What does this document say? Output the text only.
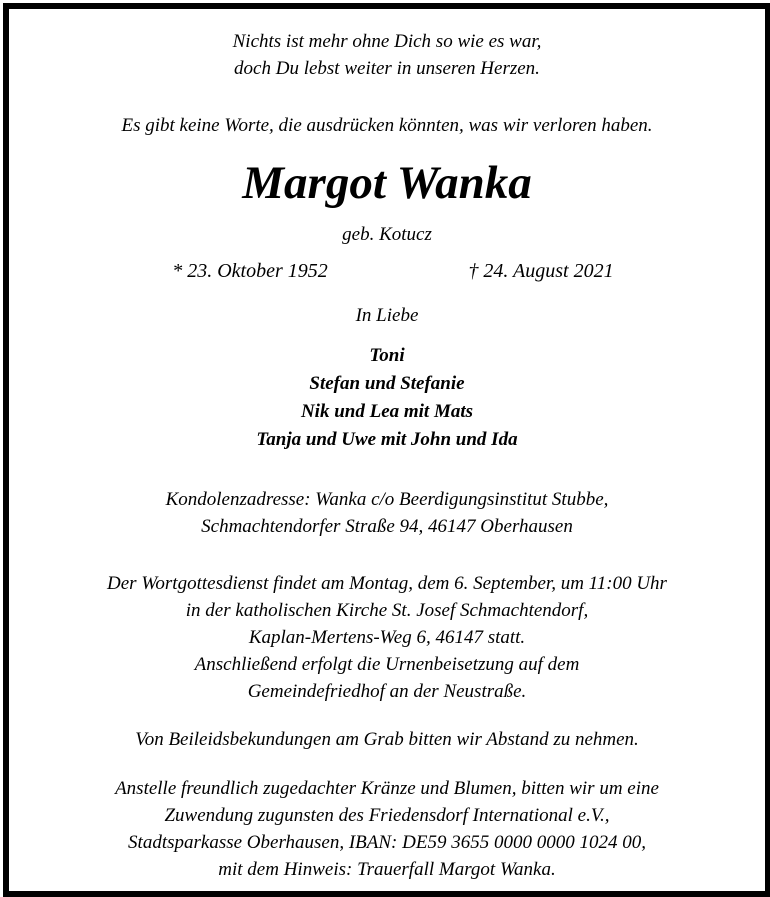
Nichts ist mehr ohne Dich so wie es war,
doch Du lebst weiter in unseren Herzen.
Es gibt keine Worte, die ausdrücken könnten, was wir verloren haben.
Margot Wanka
geb. Kotucz
* 23. Oktober 1952	† 24. August 2021
In Liebe
Toni
Stefan und Stefanie
Nik und Lea mit Mats
Tanja und Uwe mit John und Ida
Kondolenzadresse: Wanka c/o Beerdigungsinstitut Stubbe,
Schmachtendorfer Straße 94, 46147 Oberhausen
Der Wortgottesdienst findet am Montag, dem 6. September, um 11:00 Uhr
in der katholischen Kirche St. Josef Schmachtendorf,
Kaplan-Mertens-Weg 6, 46147 statt.
Anschließend erfolgt die Urnenbeisetzung auf dem
Gemeindefriedhof an der Neustraße.
Von Beileidsbekundungen am Grab bitten wir Abstand zu nehmen.
Anstelle freundlich zugedachter Kränze und Blumen, bitten wir um eine
Zuwendung zugunsten des Friedensdorf International e.V.,
Stadtsparkasse Oberhausen, IBAN: DE59 3655 0000 0000 1024 00,
mit dem Hinweis: Trauerfall Margot Wanka.
